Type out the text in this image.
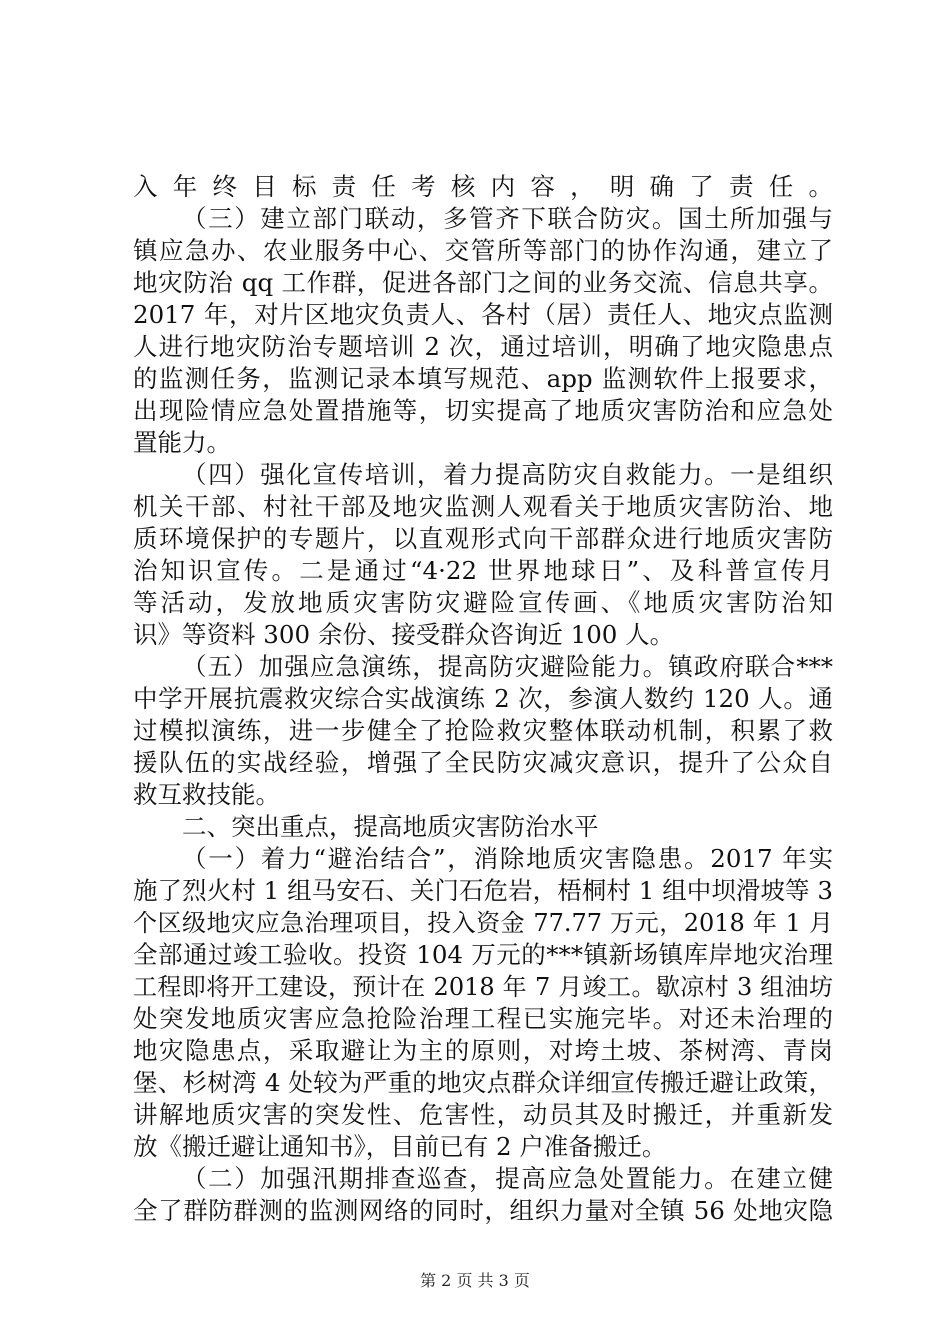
入年终目标责任考核内容，明确了责任。
（三）建立部门联动，多管齐下联合防灾。国土所加强与
镇应急办、农业服务中心、交管所等部门的协作沟通，建立了
地灾防治 qq 工作群，促进各部门之间的业务交流、信息共享。
2017 年，对片区地灾负责人、各村（居）责任人、地灾点监测
人进行地灾防治专题培训 2 次，通过培训，明确了地灾隐患点
的监测任务，监测记录本填写规范、app 监测软件上报要求，
出现险情应急处置措施等，切实提高了地质灾害防治和应急处
置能力。
（四）强化宣传培训，着力提高防灾自救能力。一是组织
机关干部、村社干部及地灾监测人观看关于地质灾害防治、地
质环境保护的专题片，以直观形式向干部群众进行地质灾害防
治知识宣传。二是通过“4·22 世界地球日”、及科普宣传月
等活动，发放地质灾害防灾避险宣传画、《地质灾害防治知
识》等资料 300 余份、接受群众咨询近 100 人。
（五）加强应急演练，提高防灾避险能力。镇政府联合***
中学开展抗震救灾综合实战演练 2 次，参演人数约 120 人。通
过模拟演练，进一步健全了抢险救灾整体联动机制，积累了救
援队伍的实战经验，增强了全民防灾减灾意识，提升了公众自
救互救技能。
二、突出重点，提高地质灾害防治水平
（一）着力“避治结合”，消除地质灾害隐患。2017 年实
施了烈火村 1 组马安石、关门石危岩，梧桐村 1 组中坝滑坡等 3
个区级地灾应急治理项目，投入资金 77.77 万元，2018 年 1 月
全部通过竣工验收。投资 104 万元的***镇新场镇库岸地灾治理
工程即将开工建设，预计在 2018 年 7 月竣工。歇凉村 3 组油坊
处突发地质灾害应急抢险治理工程已实施完毕。对还未治理的
地灾隐患点，采取避让为主的原则，对垮土坡、茶树湾、青岗
堡、杉树湾 4 处较为严重的地灾点群众详细宣传搬迁避让政策，
讲解地质灾害的突发性、危害性，动员其及时搬迁，并重新发
放《搬迁避让通知书》，目前已有 2 户准备搬迁。
（二）加强汛期排查巡查，提高应急处置能力。在建立健
全了群防群测的监测网络的同时，组织力量对全镇 56 处地灾隐
第 2 页 共 3 页
